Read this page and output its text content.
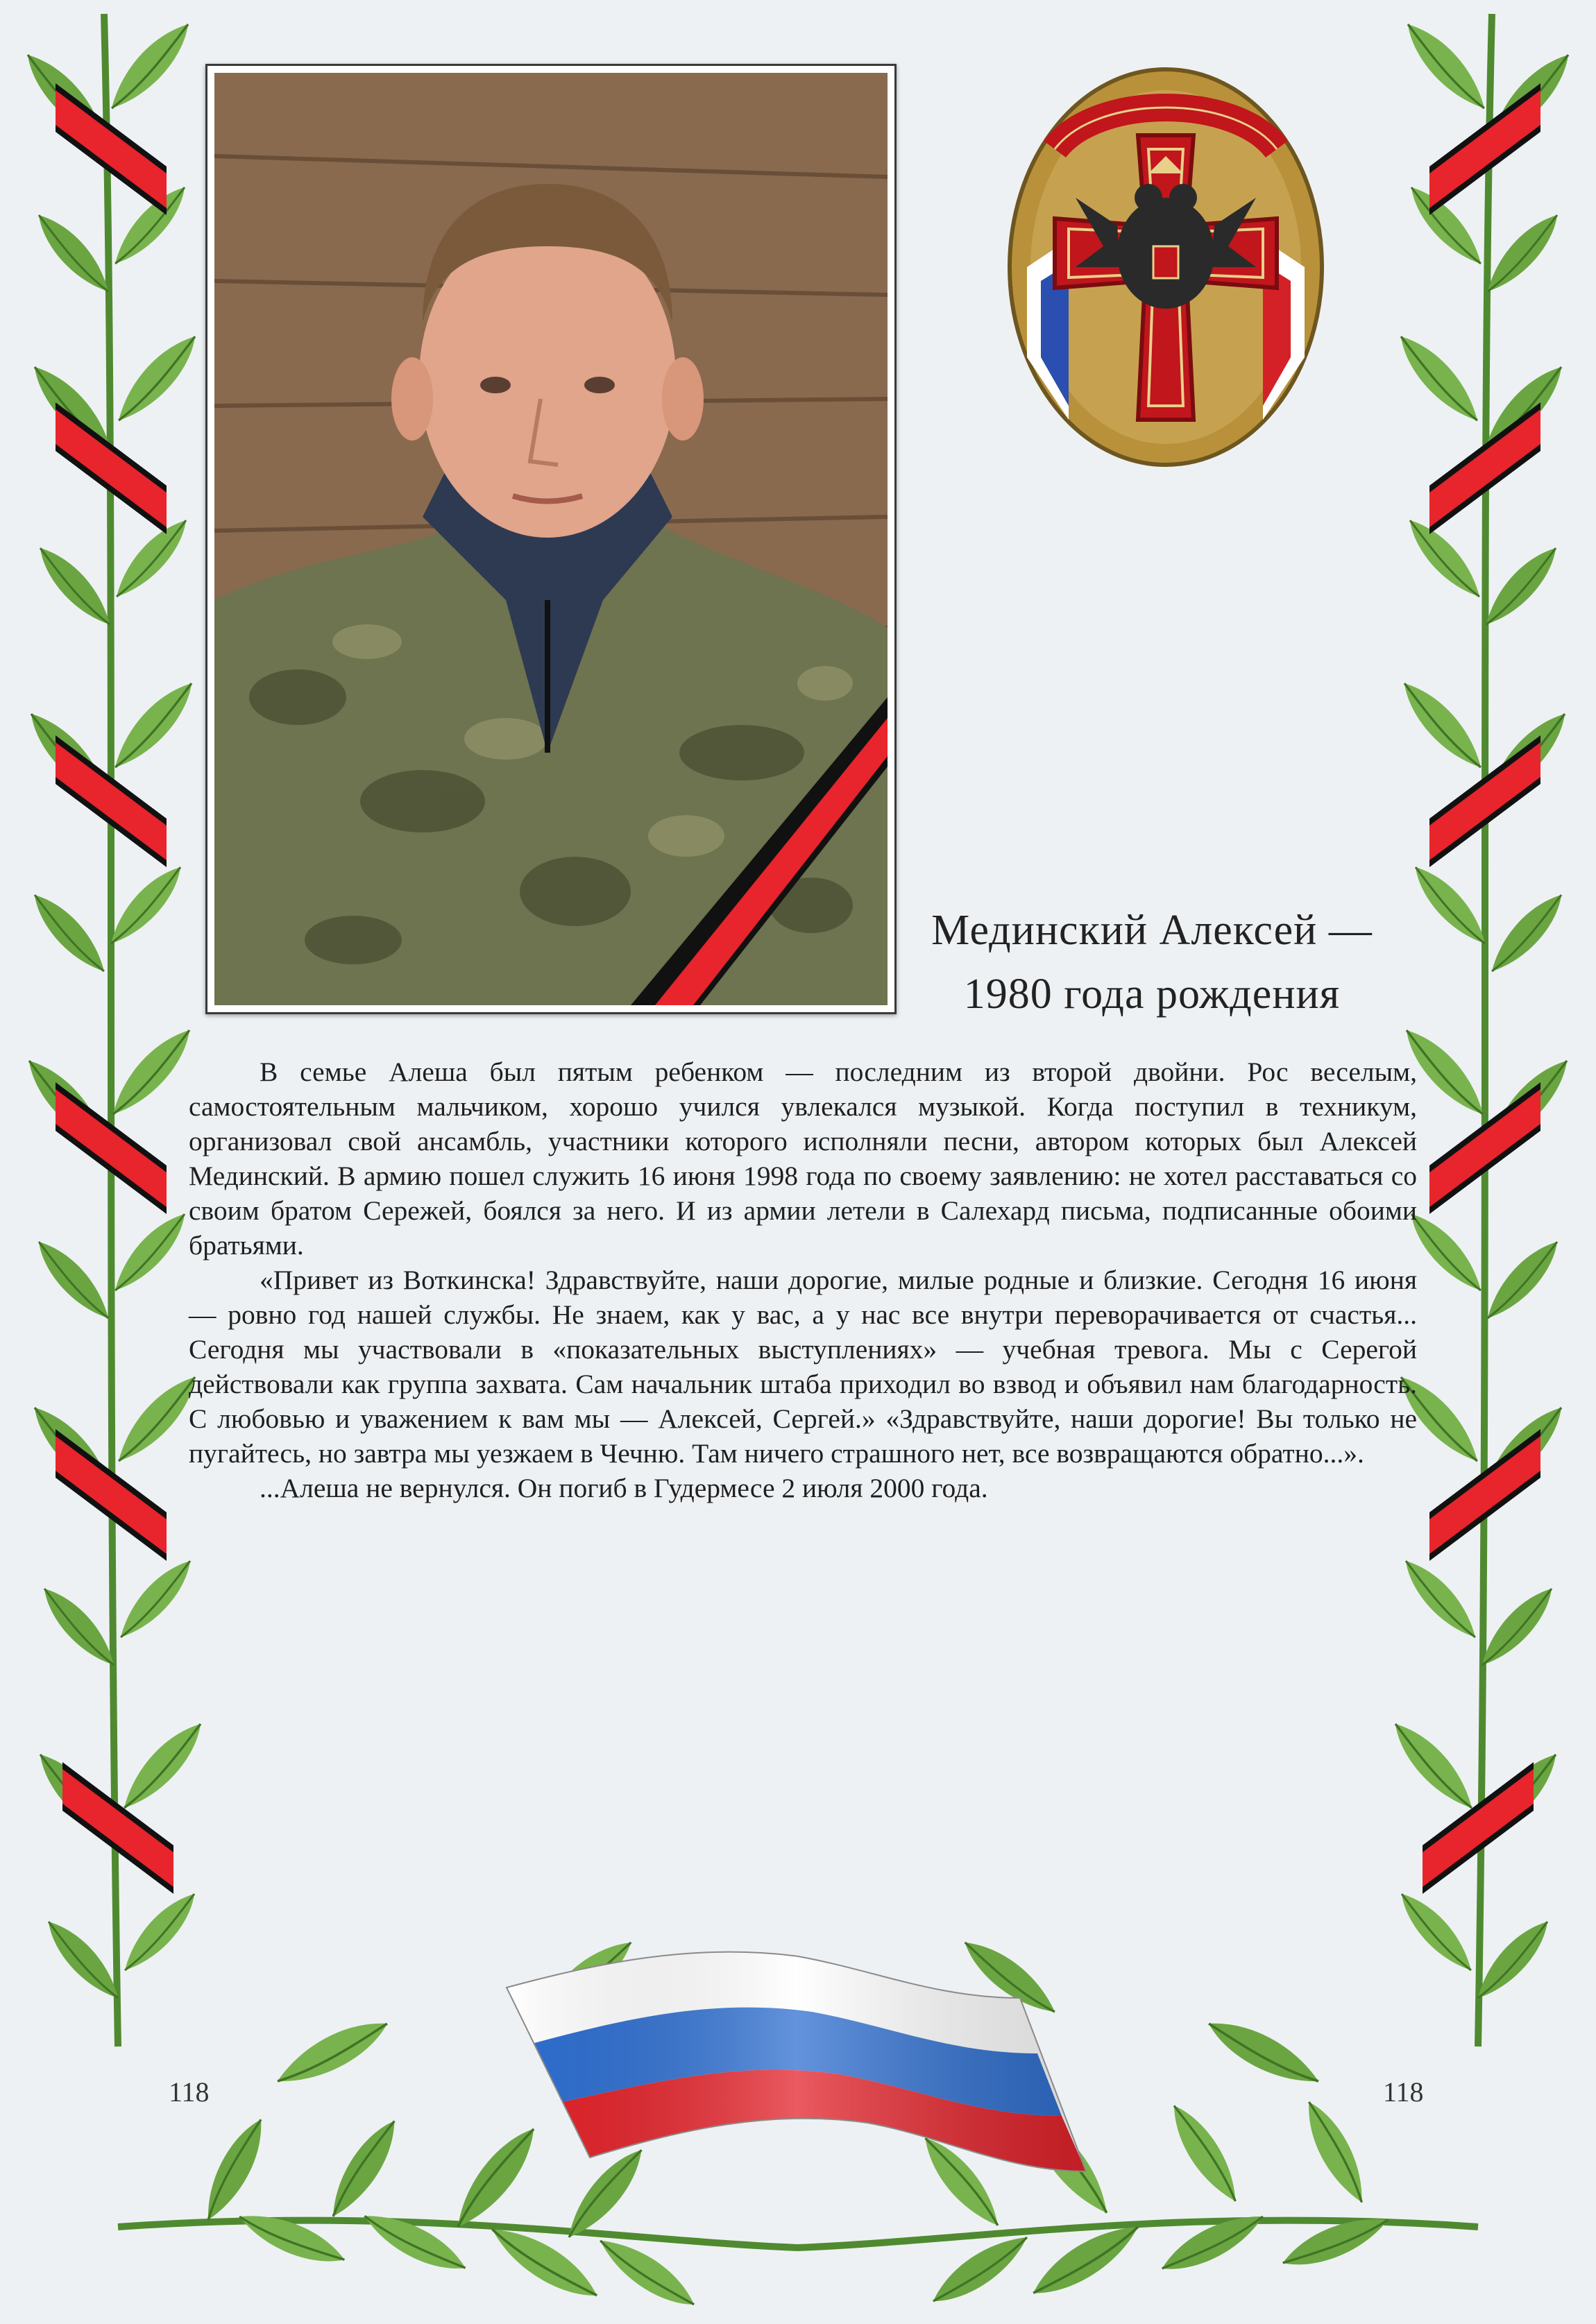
Мединский Алексей —
1980 года рождения

В семье Алеша был пятым ребенком — последним из второй двойни. Рос веселым, самостоятельным мальчиком, хорошо учился увлекался музыкой. Когда поступил в техникум, организовал свой ансамбль, участники которого исполняли песни, автором которых был Алексей Мединский. В армию пошел служить 16 июня 1998 года по своему заявлению: не хотел расставаться со своим братом Сережей, боялся за него. И из армии летели в Салехард письма, подписанные обоими братьями.

«Привет из Воткинска! Здравствуйте, наши дорогие, милые родные и близкие. Сегодня 16 июня — ровно год нашей службы. Не знаем, как у вас, а у нас все внутри переворачивается от счастья... Сегодня мы участвовали в «показательных выступлениях» — учебная тревога. Мы с Серегой действовали как группа захвата. Сам начальник штаба приходил во взвод и объявил нам благодарность. С любовью и уважением к вам мы — Алексей, Сергей.» «Здравствуйте, наши дорогие! Вы только не пугайтесь, но завтра мы уезжаем в Чечню. Там ничего страшного нет, все возвращаются обратно...».

...Алеша не вернулся. Он погиб в Гудермесе 2 июля 2000 года.

118	118
